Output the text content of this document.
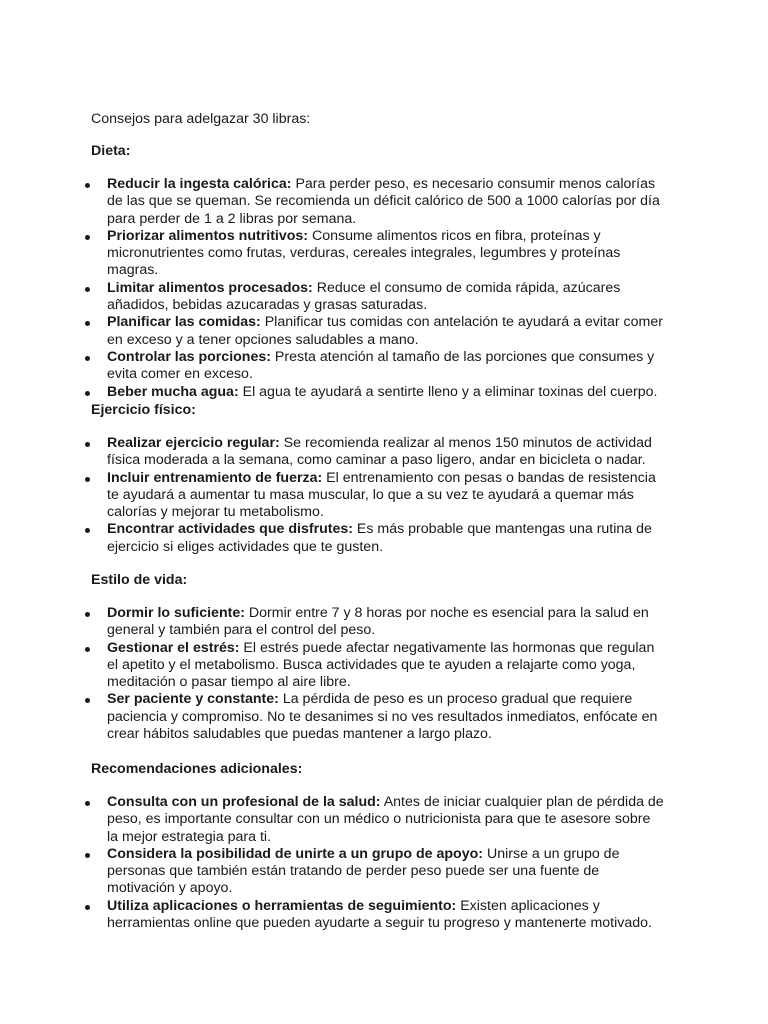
Consejos para adelgazar 30 libras:

Dieta:

Reducir la ingesta calórica: Para perder peso, es necesario consumir menos calorías de las que se queman. Se recomienda un déficit calórico de 500 a 1000 calorías por día para perder de 1 a 2 libras por semana.
Priorizar alimentos nutritivos: Consume alimentos ricos en fibra, proteínas y micronutrientes como frutas, verduras, cereales integrales, legumbres y proteínas magras.
Limitar alimentos procesados: Reduce el consumo de comida rápida, azúcares añadidos, bebidas azucaradas y grasas saturadas.
Planificar las comidas: Planificar tus comidas con antelación te ayudará a evitar comer en exceso y a tener opciones saludables a mano.
Controlar las porciones: Presta atención al tamaño de las porciones que consumes y evita comer en exceso.
Beber mucha agua: El agua te ayudará a sentirte lleno y a eliminar toxinas del cuerpo.

Ejercicio físico:

Realizar ejercicio regular: Se recomienda realizar al menos 150 minutos de actividad física moderada a la semana, como caminar a paso ligero, andar en bicicleta o nadar.
Incluir entrenamiento de fuerza: El entrenamiento con pesas o bandas de resistencia te ayudará a aumentar tu masa muscular, lo que a su vez te ayudará a quemar más calorías y mejorar tu metabolismo.
Encontrar actividades que disfrutes: Es más probable que mantengas una rutina de ejercicio si eliges actividades que te gusten.

Estilo de vida:

Dormir lo suficiente: Dormir entre 7 y 8 horas por noche es esencial para la salud en general y también para el control del peso.
Gestionar el estrés: El estrés puede afectar negativamente las hormonas que regulan el apetito y el metabolismo. Busca actividades que te ayuden a relajarte como yoga, meditación o pasar tiempo al aire libre.
Ser paciente y constante: La pérdida de peso es un proceso gradual que requiere paciencia y compromiso. No te desanimes si no ves resultados inmediatos, enfócate en crear hábitos saludables que puedas mantener a largo plazo.

Recomendaciones adicionales:

Consulta con un profesional de la salud: Antes de iniciar cualquier plan de pérdida de peso, es importante consultar con un médico o nutricionista para que te asesore sobre la mejor estrategia para ti.
Considera la posibilidad de unirte a un grupo de apoyo: Unirse a un grupo de personas que también están tratando de perder peso puede ser una fuente de motivación y apoyo.
Utiliza aplicaciones o herramientas de seguimiento: Existen aplicaciones y herramientas online que pueden ayudarte a seguir tu progreso y mantenerte motivado.
